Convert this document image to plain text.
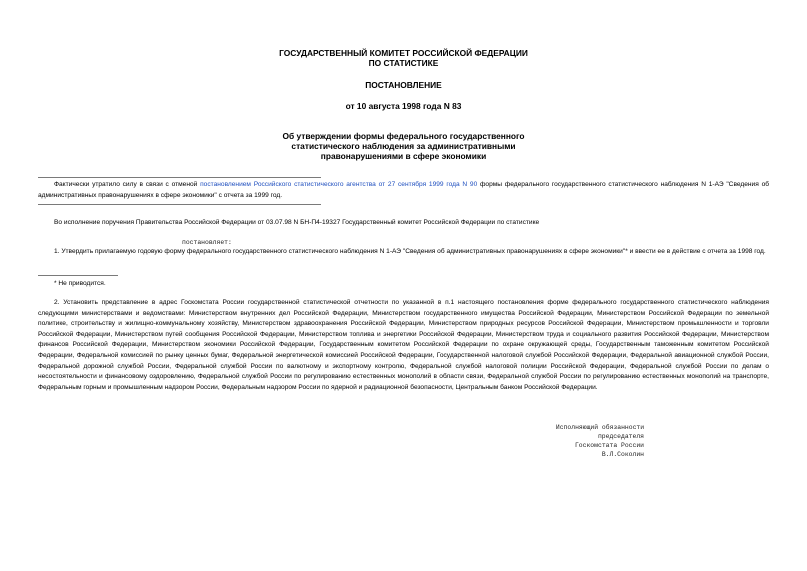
ГОСУДАРСТВЕННЫЙ КОМИТЕТ РОССИЙСКОЙ ФЕДЕРАЦИИ
ПО СТАТИСТИКЕ
ПОСТАНОВЛЕНИЕ
от 10 августа 1998 года N 83
Об утверждении формы федерального государственного
статистического наблюдения за административными
правонарушениями в сфере экономики
Фактически утратило силу в связи с отменой постановлением Российского статистического агентства от 27 сентября 1999 года N 90 формы федерального государственного статистического наблюдения N 1-АЭ "Сведения об административных правонарушениях в сфере экономики" с отчета за 1999 год.
Во исполнение поручения Правительства Российской Федерации от 03.07.98 N БН-П4-19327 Государственный комитет Российской Федерации по статистике
постановляет:
1. Утвердить прилагаемую годовую форму федерального государственного статистического наблюдения N 1-АЭ "Сведения об административных правонарушениях в сфере экономики"* и ввести ее в действие с отчета за 1998 год.
* Не приводится.
2. Установить представление в адрес Госкомстата России государственной статистической отчетности по указанной в п.1 настоящего постановления форме федерального государственного статистического наблюдения следующими министерствами и ведомствами: Министерством внутренних дел Российской Федерации, Министерством государственного имущества Российской Федерации, Министерством Российской Федерации по земельной политике, строительству и жилищно-коммунальному хозяйству, Министерством здравоохранения Российской Федерации, Министерством природных ресурсов Российской Федерации, Министерством промышленности и торговли Российской Федерации, Министерством путей сообщения Российской Федерации, Министерством топлива и энергетики Российской Федерации, Министерством труда и социального развития Российской Федерации, Министерством финансов Российской Федерации, Министерством экономики Российской Федерации, Государственным комитетом Российской Федерации по охране окружающей среды, Государственным таможенным комитетом Российской Федерации, Федеральной комиссией по рынку ценных бумаг, Федеральной энергетической комиссией Российской Федерации, Государственной налоговой службой Российской Федерации, Федеральной авиационной службой России, Федеральной дорожной службой России, Федеральной службой России по валютному и экспортному контролю, Федеральной службой налоговой полиции Российской Федерации, Федеральной службой России по делам о несостоятельности и финансовому оздоровлению, Федеральной службой России по регулированию естественных монополий в области связи, Федеральной службой России по регулированию естественных монополий на транспорте, Федеральным горным и промышленным надзором России, Федеральным надзором России по ядерной и радиационной безопасности, Центральным банком Российской Федерации.
Исполняющий обязанности
председателя
Госкомстата России
В.Л.Соколин
